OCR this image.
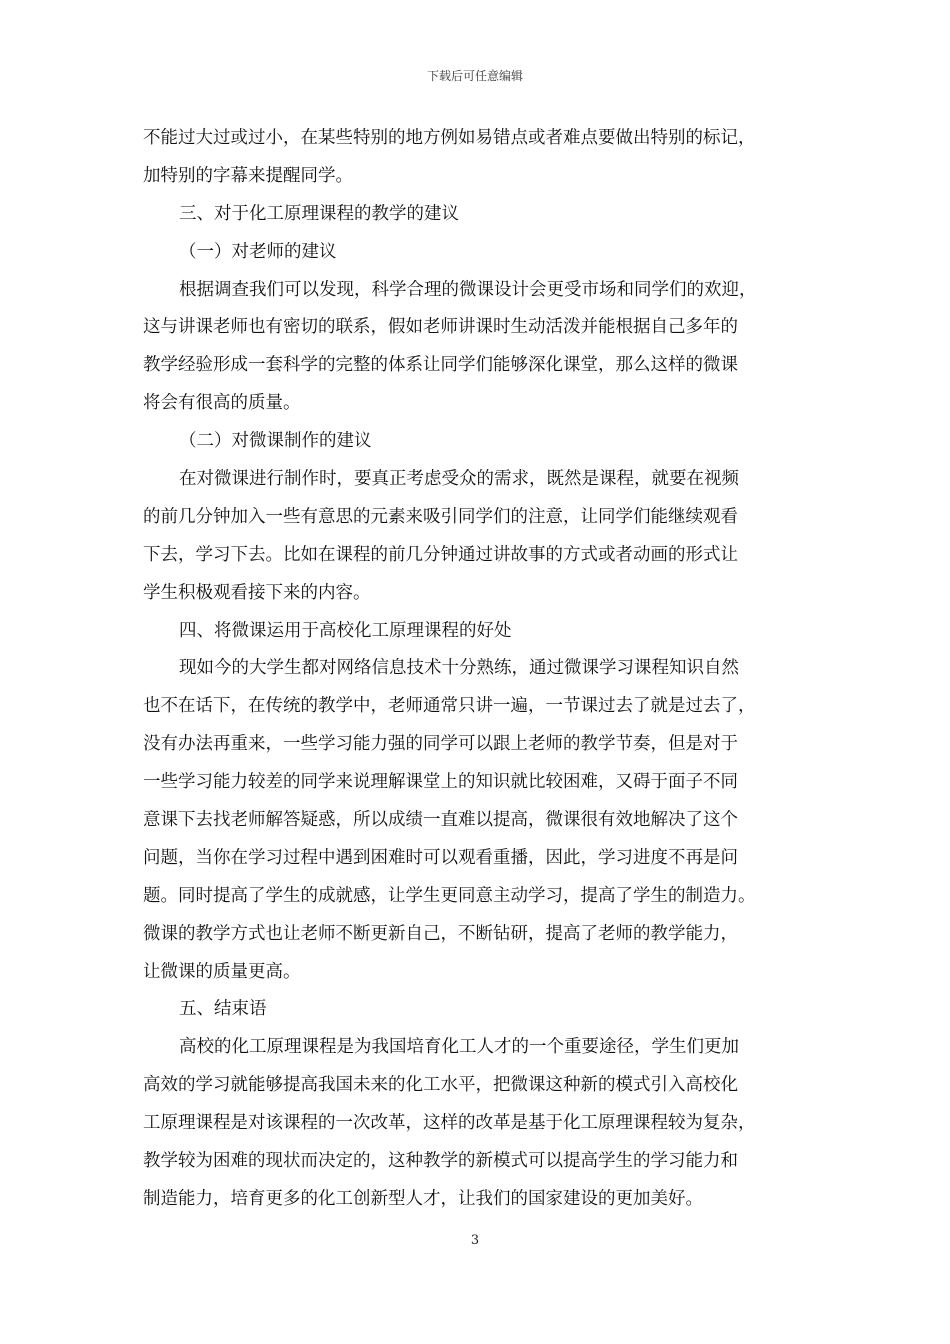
下载后可任意编辑
不能过大过或过小，在某些特别的地方例如易错点或者难点要做出特别的标记，
加特别的字幕来提醒同学。
三、对于化工原理课程的教学的建议
（一）对老师的建议
根据调查我们可以发现，科学合理的微课设计会更受市场和同学们的欢迎，
这与讲课老师也有密切的联系，假如老师讲课时生动活泼并能根据自己多年的
教学经验形成一套科学的完整的体系让同学们能够深化课堂，那么这样的微课
将会有很高的质量。
（二）对微课制作的建议
在对微课进行制作时，要真正考虑受众的需求，既然是课程，就要在视频
的前几分钟加入一些有意思的元素来吸引同学们的注意，让同学们能继续观看
下去，学习下去。比如在课程的前几分钟通过讲故事的方式或者动画的形式让
学生积极观看接下来的内容。
四、将微课运用于高校化工原理课程的好处
现如今的大学生都对网络信息技术十分熟练，通过微课学习课程知识自然
也不在话下，在传统的教学中，老师通常只讲一遍，一节课过去了就是过去了，
没有办法再重来，一些学习能力强的同学可以跟上老师的教学节奏，但是对于
一些学习能力较差的同学来说理解课堂上的知识就比较困难，又碍于面子不同
意课下去找老师解答疑惑，所以成绩一直难以提高，微课很有效地解决了这个
问题，当你在学习过程中遇到困难时可以观看重播，因此，学习进度不再是问
题。同时提高了学生的成就感，让学生更同意主动学习，提高了学生的制造力。
微课的教学方式也让老师不断更新自己，不断钻研，提高了老师的教学能力，
让微课的质量更高。
五、结束语
高校的化工原理课程是为我国培育化工人才的一个重要途径，学生们更加
高效的学习就能够提高我国未来的化工水平，把微课这种新的模式引入高校化
工原理课程是对该课程的一次改革，这样的改革是基于化工原理课程较为复杂，
教学较为困难的现状而决定的，这种教学的新模式可以提高学生的学习能力和
制造能力，培育更多的化工创新型人才，让我们的国家建设的更加美好。
3
